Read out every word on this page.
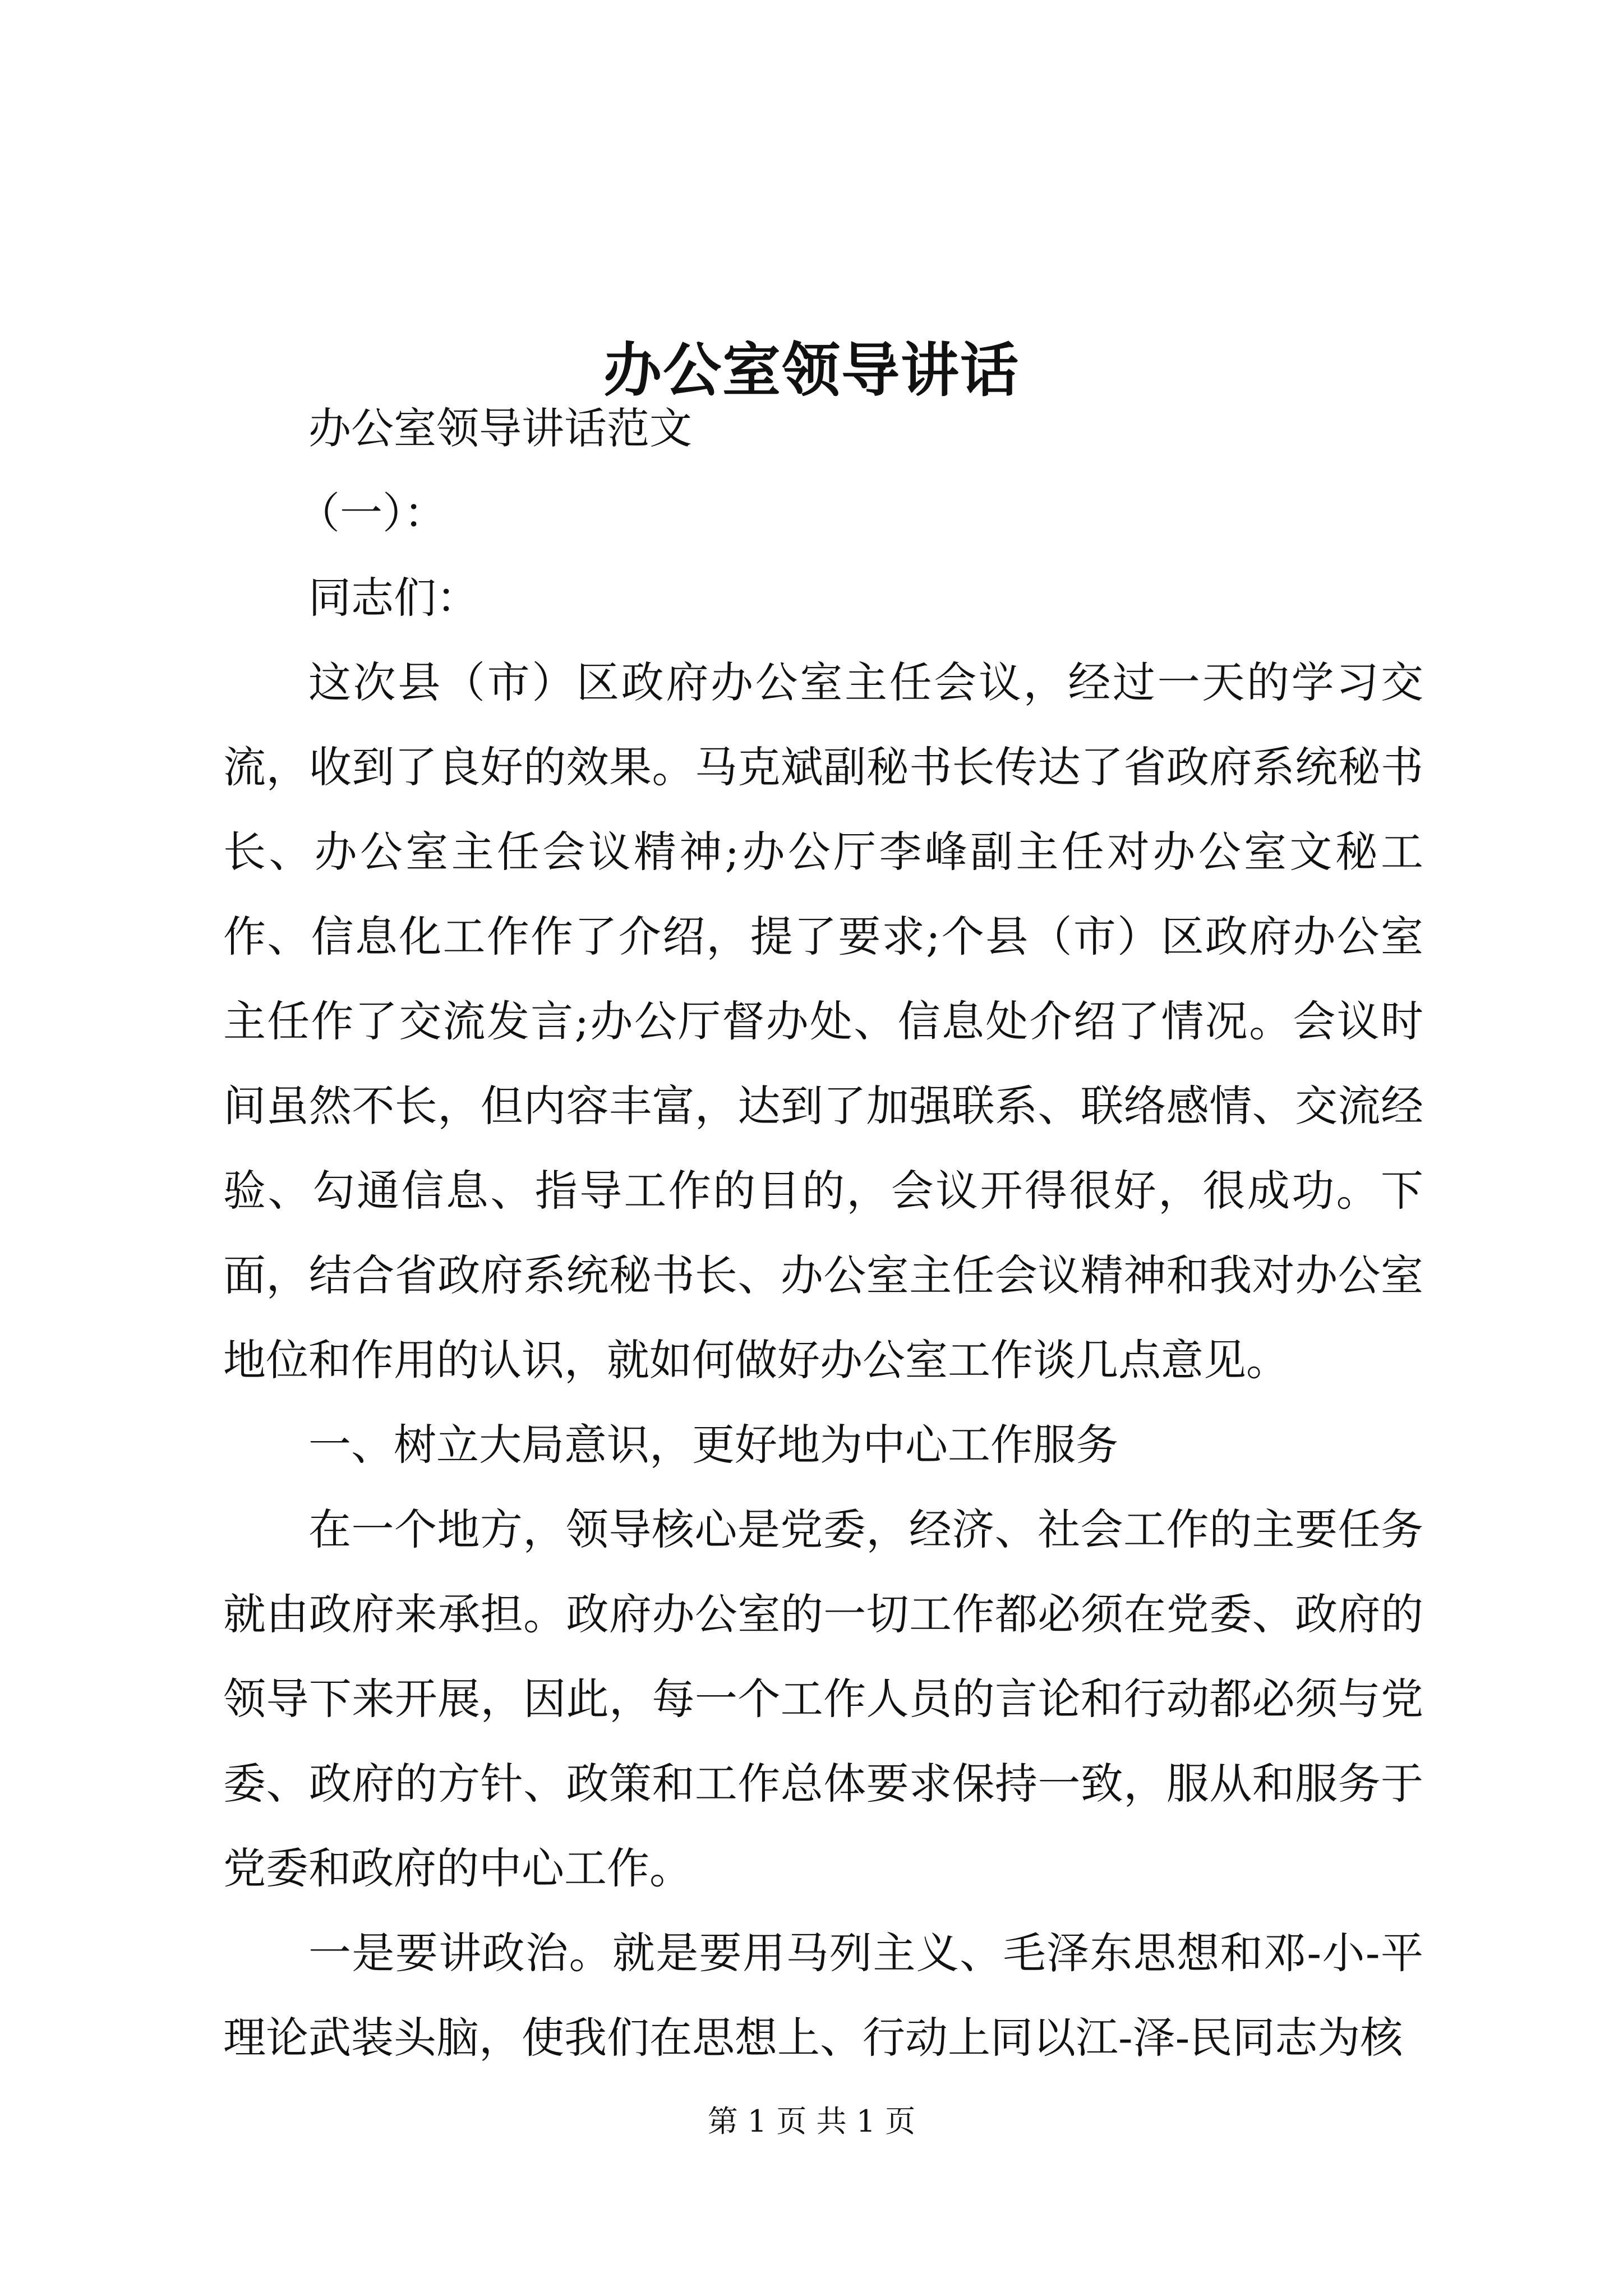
办公室领导讲话

办公室领导讲话范文

（一）：

同志们：

这次县（市）区政府办公室主任会议，经过一天的学习交流，收到了良好的效果。马克斌副秘书长传达了省政府系统秘书长、办公室主任会议精神;办公厅李峰副主任对办公室文秘工作、信息化工作作了介绍，提了要求;个县（市）区政府办公室主任作了交流发言;办公厅督办处、信息处介绍了情况。会议时间虽然不长，但内容丰富，达到了加强联系、联络感情、交流经验、勾通信息、指导工作的目的，会议开得很好，很成功。下面，结合省政府系统秘书长、办公室主任会议精神和我对办公室地位和作用的认识，就如何做好办公室工作谈几点意见。

一、树立大局意识，更好地为中心工作服务

在一个地方，领导核心是党委，经济、社会工作的主要任务就由政府来承担。政府办公室的一切工作都必须在党委、政府的领导下来开展，因此，每一个工作人员的言论和行动都必须与党委、政府的方针、政策和工作总体要求保持一致，服从和服务于党委和政府的中心工作。

一是要讲政治。就是要用马列主义、毛泽东思想和邓-小-平理论武装头脑，使我们在思想上、行动上同以江-泽-民同志为核

第 1 页 共 1 页
